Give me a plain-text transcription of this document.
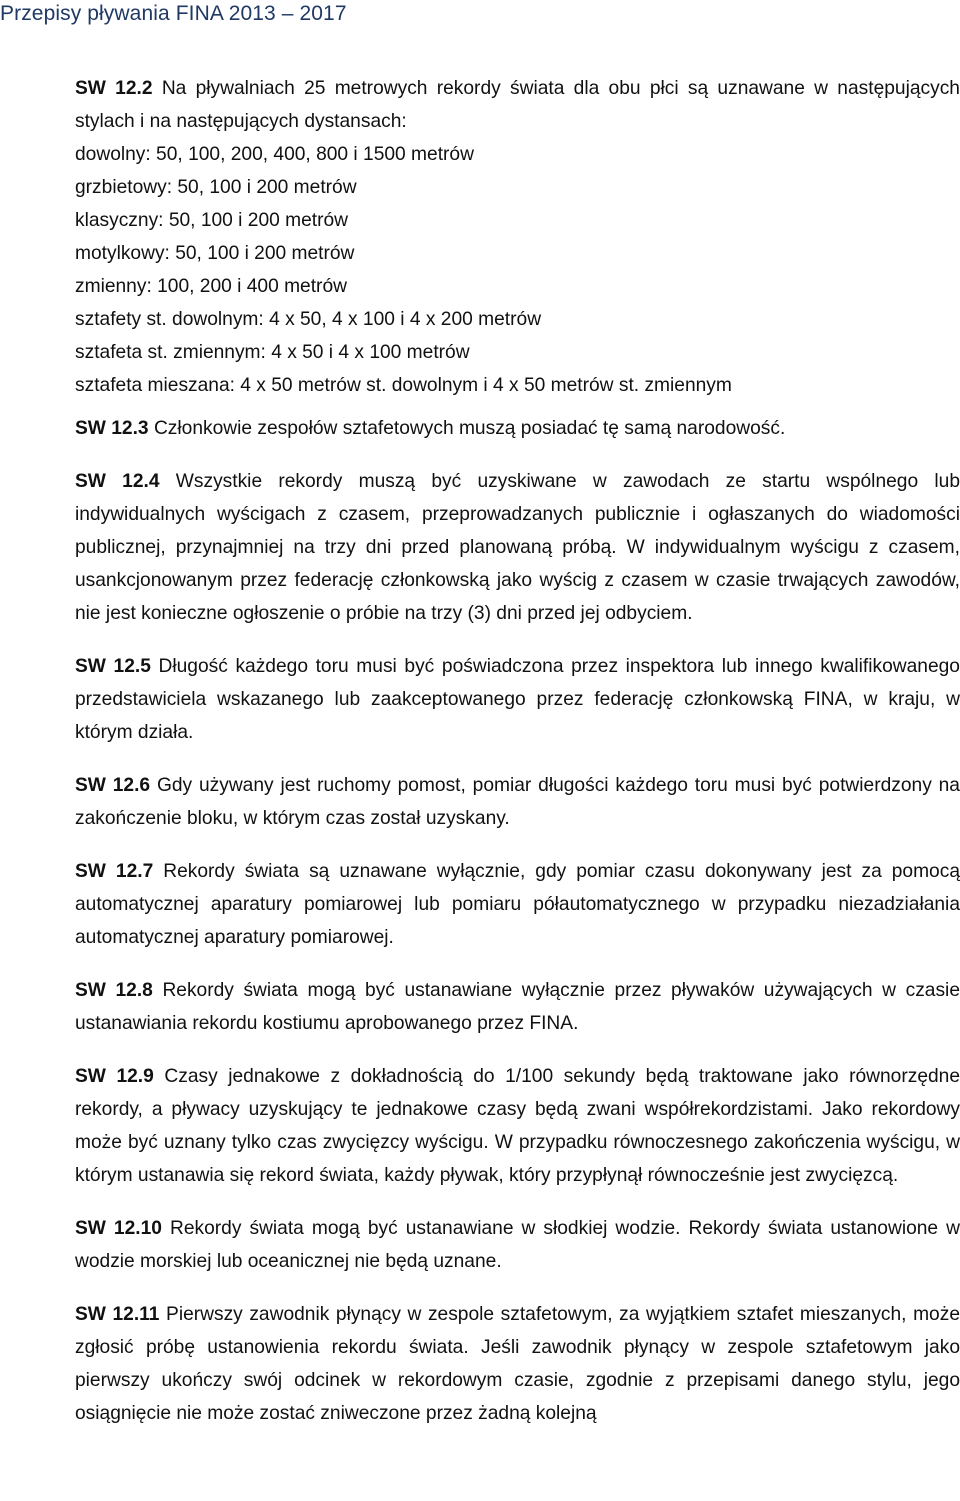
Przepisy pływania FINA 2013 – 2017

SW 12.2 Na pływalniach 25 metrowych rekordy świata dla obu płci są uznawane w następujących stylach i na następujących dystansach:

dowolny: 50, 100, 200, 400, 800 i 1500 metrów
grzbietowy: 50, 100 i 200 metrów
klasyczny: 50, 100 i 200 metrów
motylkowy: 50, 100 i 200 metrów
zmienny: 100, 200 i 400 metrów
sztafety st. dowolnym: 4 x 50, 4 x 100 i 4 x 200 metrów
sztafeta st. zmiennym: 4 x 50 i 4 x 100 metrów
sztafeta mieszana: 4 x 50 metrów st. dowolnym i 4 x 50 metrów st. zmiennym

SW 12.3 Członkowie zespołów sztafetowych muszą posiadać tę samą narodowość.

SW 12.4 Wszystkie rekordy muszą być uzyskiwane w zawodach ze startu wspólnego lub indywidualnych wyścigach z czasem, przeprowadzanych publicznie i ogłaszanych do wiadomości publicznej, przynajmniej na trzy dni przed planowaną próbą. W indywidualnym wyścigu z czasem, usankcjonowanym przez federację członkowską jako wyścig z czasem w czasie trwających zawodów, nie jest konieczne ogłoszenie o próbie na trzy (3) dni przed jej odbyciem.

SW 12.5 Długość każdego toru musi być poświadczona przez inspektora lub innego kwalifikowanego przedstawiciela wskazanego lub zaakceptowanego przez federację członkowską FINA, w kraju, w którym działa.

SW 12.6 Gdy używany jest ruchomy pomost, pomiar długości każdego toru musi być potwierdzony na zakończenie bloku, w którym czas został uzyskany.

SW 12.7 Rekordy świata są uznawane wyłącznie, gdy pomiar czasu dokonywany jest za pomocą automatycznej aparatury pomiarowej lub pomiaru półautomatycznego w przypadku niezadziałania automatycznej aparatury pomiarowej.

SW 12.8 Rekordy świata mogą być ustanawiane wyłącznie przez pływaków używających w czasie ustanawiania rekordu kostiumu aprobowanego przez FINA.

SW 12.9 Czasy jednakowe z dokładnością do 1/100 sekundy będą traktowane jako równorzędne rekordy, a pływacy uzyskujący te jednakowe czasy będą zwani współrekordzistami. Jako rekordowy może być uznany tylko czas zwycięzcy wyścigu. W przypadku równoczesnego zakończenia wyścigu, w którym ustanawia się rekord świata, każdy pływak, który przypłynął równocześnie jest zwycięzcą.

SW 12.10 Rekordy świata mogą być ustanawiane w słodkiej wodzie. Rekordy świata ustanowione w wodzie morskiej lub oceanicznej nie będą uznane.

SW 12.11 Pierwszy zawodnik płynący w zespole sztafetowym, za wyjątkiem sztafet mieszanych, może zgłosić próbę ustanowienia rekordu świata. Jeśli zawodnik płynący w zespole sztafetowym jako pierwszy ukończy swój odcinek w rekordowym czasie, zgodnie z przepisami danego stylu, jego osiągnięcie nie może zostać zniweczone przez żadną kolejną
